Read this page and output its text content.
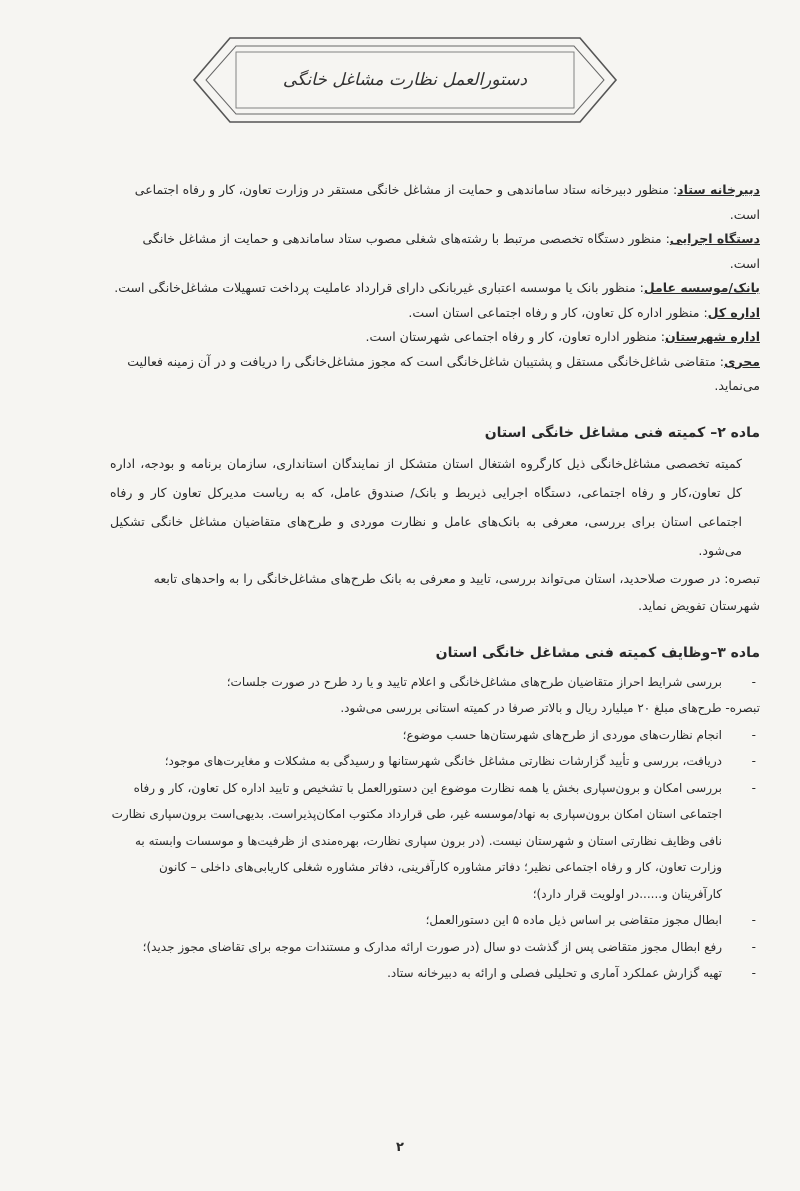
دستورالعمل نظارت مشاغل خانگی

دبیرخانه ستاد: منظور دبیرخانه ستاد ساماندهی و حمایت از مشاغل خانگی مستقر در وزارت تعاون، کار و رفاه اجتماعی است.

دستگاه اجرایی: منظور دستگاه تخصصی مرتبط با رشته‌های شغلی مصوب ستاد ساماندهی و حمایت از مشاغل خانگی است.

بانک/موسسه عامل: منظور بانک یا موسسه اعتباری غیربانکی دارای قرارداد عاملیت پرداخت تسهیلات مشاغل‌خانگی است.

اداره کل: منظور اداره کل تعاون، کار و رفاه اجتماعی استان است.

اداره شهرستان: منظور اداره تعاون، کار و رفاه اجتماعی شهرستان است.

مجری: متقاضی شاغل‌خانگی مستقل و پشتیبان شاغل‌خانگی است که مجوز مشاغل‌خانگی را دریافت و در آن زمینه فعالیت می‌نماید.

ماده ۲– کمیته فنی مشاغل خانگی استان

کمیته تخصصی مشاغل‌خانگی ذیل کارگروه اشتغال استان متشکل از نمایندگان استانداری، سازمان برنامه و بودجه، اداره کل تعاون،کار و رفاه اجتماعی، دستگاه اجرایی ذیربط و بانک/ صندوق عامل، که به ریاست مدیرکل تعاون کار و رفاه اجتماعی استان برای بررسی، معرفی به بانک‌های عامل و نظارت موردی و طرح‌های متقاضیان مشاغل خانگی تشکیل می‌شود.

تبصره: در صورت صلاحدید، استان می‌تواند بررسی، تایید و معرفی به بانک طرح‌های مشاغل‌خانگی را به واحدهای تابعه شهرستان تفویض نماید.

ماده ۳–وظایف کمیته فنی مشاغل خانگی استان
- بررسی شرایط احراز متقاضیان طرح‌های مشاغل‌خانگی و اعلام تایید و یا رد طرح در صورت جلسات؛
تبصره- طرح‌های مبلغ ۲۰ میلیارد ریال و بالاتر صرفا در کمیته استانی بررسی می‌شود.
- انجام نظارت‌های موردی از طرح‌های شهرستان‌ها حسب موضوع؛
- دریافت، بررسی و تأیید گزارشات نظارتی مشاغل خانگی شهرستانها و رسیدگی به مشکلات و مغایرت‌های موجود؛
- بررسی امکان و برون‌سپاری بخش یا همه نظارت موضوع این دستورالعمل با تشخیص و تایید اداره کل تعاون، کار و رفاه اجتماعی استان امکان برون‌سپاری به نهاد/موسسه غیر، طی قرارداد مکتوب امکان‌پذیراست. بدیهی‌است برون‌سپاری نظارت نافی وظایف نظارتی استان و شهرستان نیست. (در برون سپاری نظارت، بهره‌مندی از ظرفیت‌ها و موسسات وابسته به وزارت تعاون، کار و رفاه اجتماعی نظیر؛ دفاتر مشاوره کارآفرینی، دفاتر مشاوره شغلی کاریابی‌های داخلی – کانون کارآفرینان و......در اولویت قرار دارد)؛
- ابطال مجوز متقاضی بر اساس ذیل ماده ۵ این دستورالعمل؛
- رفع ابطال مجوز متقاضی پس از گذشت دو سال (در صورت ارائه مدارک و مستندات موجه برای تقاضای مجوز جدید)؛
- تهیه گزارش عملکرد آماری و تحلیلی فصلی و ارائه به دبیرخانه ستاد.
۲
